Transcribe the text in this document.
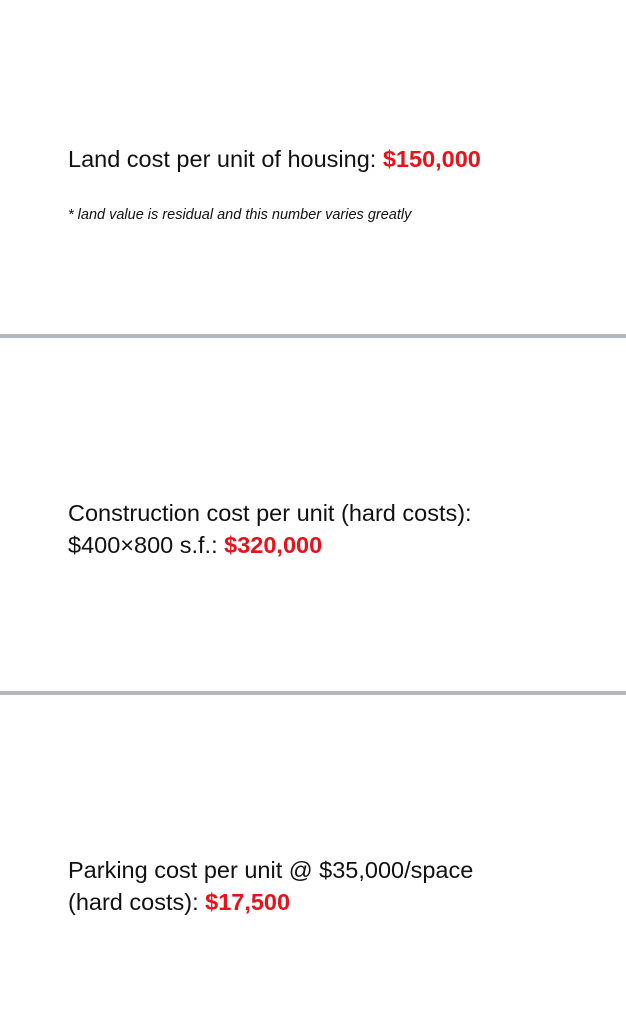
Land cost per unit of housing: $150,000

* land value is residual and this number varies greatly

Construction cost per unit (hard costs):
$400×800 s.f.: $320,000

Parking cost per unit @ $35,000/space
(hard costs): $17,500
